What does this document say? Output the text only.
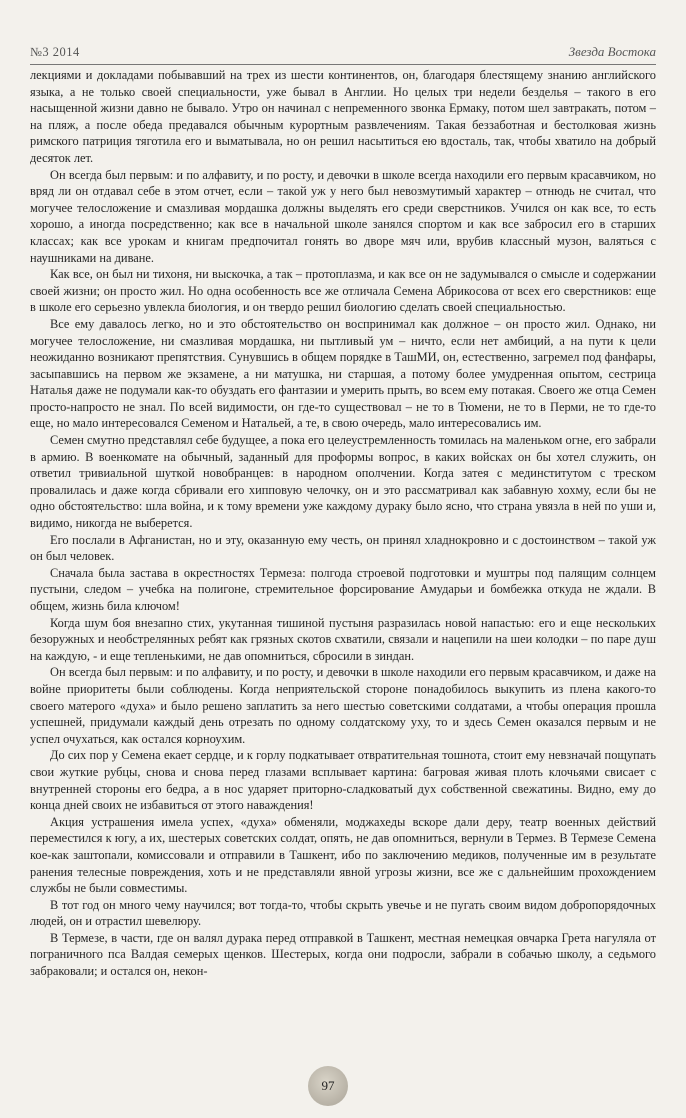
№3 2014	Звезда Востока

лекциями и докладами побывавший на трех из шести континентов, он, благодаря блестящему знанию английского языка, а не только своей специальности, уже бывал в Англии. Но целых три недели безделья – такого в его насыщенной жизни давно не бывало. Утро он начинал с непременного звонка Ермаку, потом шел завтракать, потом – на пляж, а после обеда предавался обычным курортным развлечениям. Такая беззаботная и бестолковая жизнь римского патриция тяготила его и выматывала, но он решил насытиться ею вдосталь, так, чтобы хватило на добрый десяток лет.

Он всегда был первым: и по алфавиту, и по росту, и девочки в школе всегда находили его первым красавчиком, но вряд ли он отдавал себе в этом отчет, если – такой уж у него был невозмутимый характер – отнюдь не считал, что могучее телосложение и смазливая мордашка должны выделять его среди сверстников. Учился он как все, то есть хорошо, а иногда посредственно; как все в начальной школе занялся спортом и как все забросил его в старших классах; как все урокам и книгам предпочитал гонять во дворе мяч или, врубив классный музон, валяться с наушниками на диване.

Как все, он был ни тихоня, ни выскочка, а так – протоплазма, и как все он не задумывался о смысле и содержании своей жизни; он просто жил. Но одна особенность все же отличала Семена Абрикосова от всех его сверстников: еще в школе его серьезно увлекла биология, и он твердо решил биологию сделать своей специальностью.

Все ему давалось легко, но и это обстоятельство он воспринимал как должное – он просто жил. Однако, ни могучее телосложение, ни смазливая мордашка, ни пытливый ум – ничто, если нет амбиций, а на пути к цели неожиданно возникают препятствия. Сунувшись в общем порядке в ТашМИ, он, естественно, загремел под фанфары, засыпавшись на первом же экзамене, а ни матушка, ни старшая, а потому более умудренная опытом, сестрица Наталья даже не подумали как-то обуздать его фантазии и умерить прыть, во всем ему потакая. Своего же отца Семен просто-напросто не знал. По всей видимости, он где-то существовал – не то в Тюмени, не то в Перми, не то где-то еще, но мало интересовался Семеном и Натальей, а те, в свою очередь, мало интересовались им.

Семен смутно представлял себе будущее, а пока его целеустремленность томилась на маленьком огне, его забрали в армию. В военкомате на обычный, заданный для проформы вопрос, в каких войсках он бы хотел служить, он ответил тривиальной шуткой новобранцев: в народном ополчении. Когда затея с мединститутом с треском провалилась и даже когда сбривали его хипповую челочку, он и это рассматривал как забавную хохму, если бы не одно обстоятельство: шла война, и к тому времени уже каждому дураку было ясно, что страна увязла в ней по уши и, видимо, никогда не выберется.

Его послали в Афганистан, но и эту, оказанную ему честь, он принял хладнокровно и с достоинством – такой уж он был человек.

Сначала была застава в окрестностях Термеза: полгода строевой подготовки и муштры под палящим солнцем пустыни, следом – учебка на полигоне, стремительное форсирование Амударьи и бомбежка откуда не ждали. В общем, жизнь била ключом!

Когда шум боя внезапно стих, укутанная тишиной пустыня разразилась новой напастью: его и еще нескольких безоружных и необстрелянных ребят как грязных скотов схватили, связали и нацепили на шеи колодки – по паре душ на каждую, - и еще тепленькими, не дав опомниться, сбросили в зиндан.

Он всегда был первым: и по алфавиту, и по росту, и девочки в школе находили его первым красавчиком, и даже на войне приоритеты были соблюдены. Когда неприятельской стороне понадобилось выкупить из плена какого-то своего матерого «духа» и было решено заплатить за него шестью советскими солдатами, а чтобы операция прошла успешней, придумали каждый день отрезать по одному солдатскому уху, то и здесь Семен оказался первым и не успел очухаться, как остался корноухим.

До сих пор у Семена екает сердце, и к горлу подкатывает отвратительная тошнота, стоит ему невзначай пощупать свои жуткие рубцы, снова и снова перед глазами всплывает картина: багровая живая плоть клочьями свисает с внутренней стороны его бедра, а в нос ударяет приторно-сладковатый дух собственной свежатины. Видно, ему до конца дней своих не избавиться от этого наваждения!

Акция устрашения имела успех, «духа» обменяли, моджахеды вскоре дали деру, театр военных действий переместился к югу, а их, шестерых советских солдат, опять, не дав опомниться, вернули в Термез. В Термезе Семена кое-как заштопали, комиссовали и отправили в Ташкент, ибо по заключению медиков, полученные им в результате ранения телесные повреждения, хоть и не представляли явной угрозы жизни, все же с дальнейшим прохождением службы не были совместимы.

В тот год он много чему научился; вот тогда-то, чтобы скрыть увечье и не пугать своим видом добропорядочных людей, он и отрастил шевелюру.

В Термезе, в части, где он валял дурака перед отправкой в Ташкент, местная немецкая овчарка Грета нагуляла от пограничного пса Валдая семерых щенков. Шестерых, когда они подросли, забрали в собачью школу, а седьмого забраковали; и остался он, некон-

97
